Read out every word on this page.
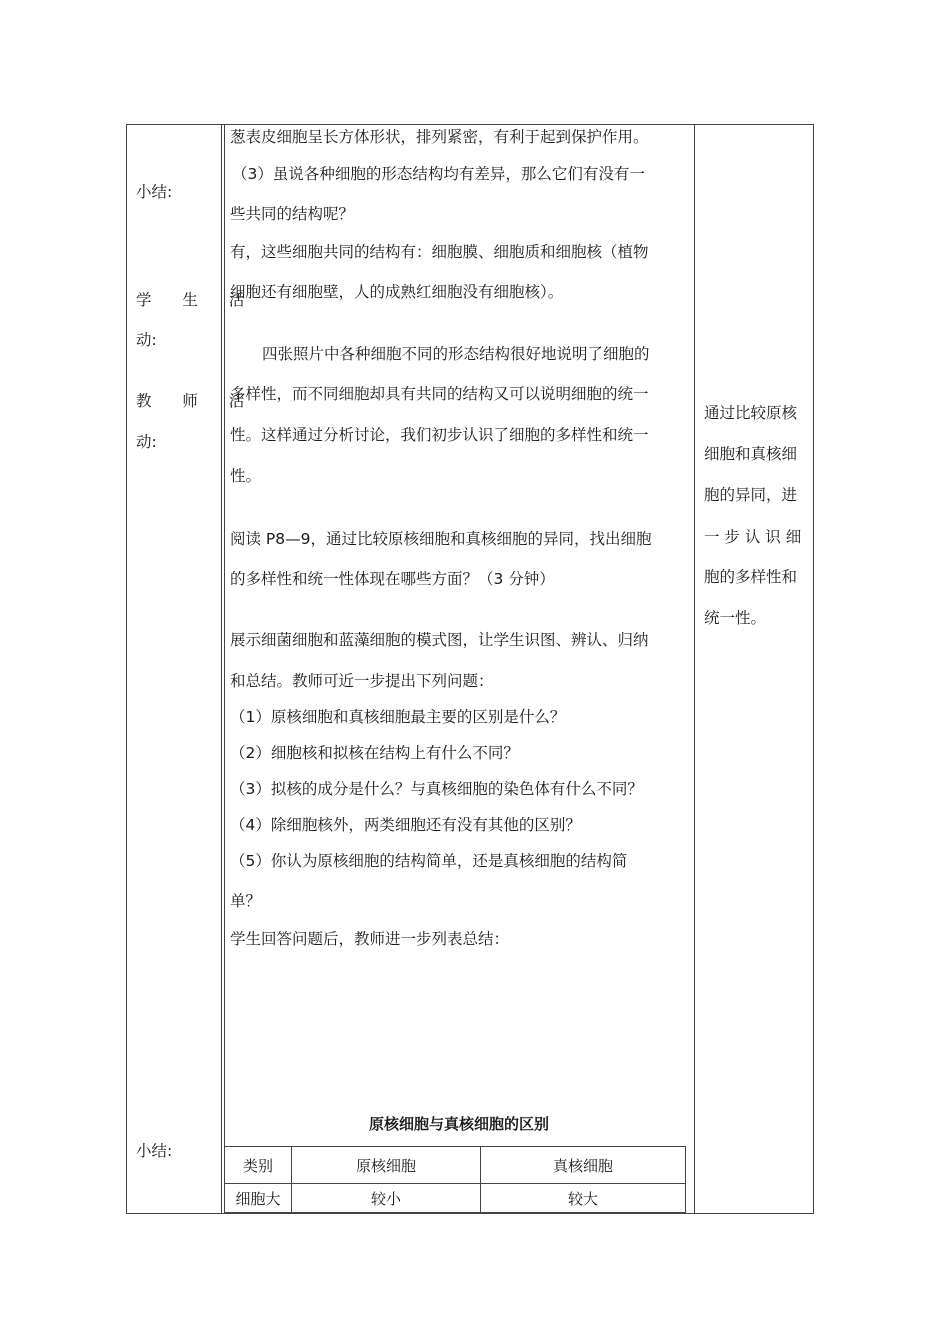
小结:
学 生 活
动:
教 师 活
动:
小结:
葱表皮细胞呈长方体形状，排列紧密，有利于起到保护作用。
（3）虽说各种细胞的形态结构均有差异，那么它们有没有一
些共同的结构呢？
有，这些细胞共同的结构有：细胞膜、细胞质和细胞核（植物
细胞还有细胞壁，人的成熟红细胞没有细胞核）。
四张照片中各种细胞不同的形态结构很好地说明了细胞的
多样性，而不同细胞却具有共同的结构又可以说明细胞的统一
性。这样通过分析讨论，我们初步认识了细胞的多样性和统一
性。
阅读 P8—9，通过比较原核细胞和真核细胞的异同，找出细胞
的多样性和统一性体现在哪些方面？（3 分钟）
展示细菌细胞和蓝藻细胞的模式图，让学生识图、辨认、归纳
和总结。教师可近一步提出下列问题：
（1）原核细胞和真核细胞最主要的区别是什么？
（2）细胞核和拟核在结构上有什么不同？
（3）拟核的成分是什么？与真核细胞的染色体有什么不同？
（4）除细胞核外，两类细胞还有没有其他的区别？
（5）你认为原核细胞的结构简单，还是真核细胞的结构简
单？
学生回答问题后，教师进一步列表总结：
原核细胞与真核细胞的区别
类别	原核细胞	真核细胞
细胞大	较小	较大
通过比较原核
细胞和真核细
胞的异同，进
一 步 认 识 细
胞的多样性和
统一性。
